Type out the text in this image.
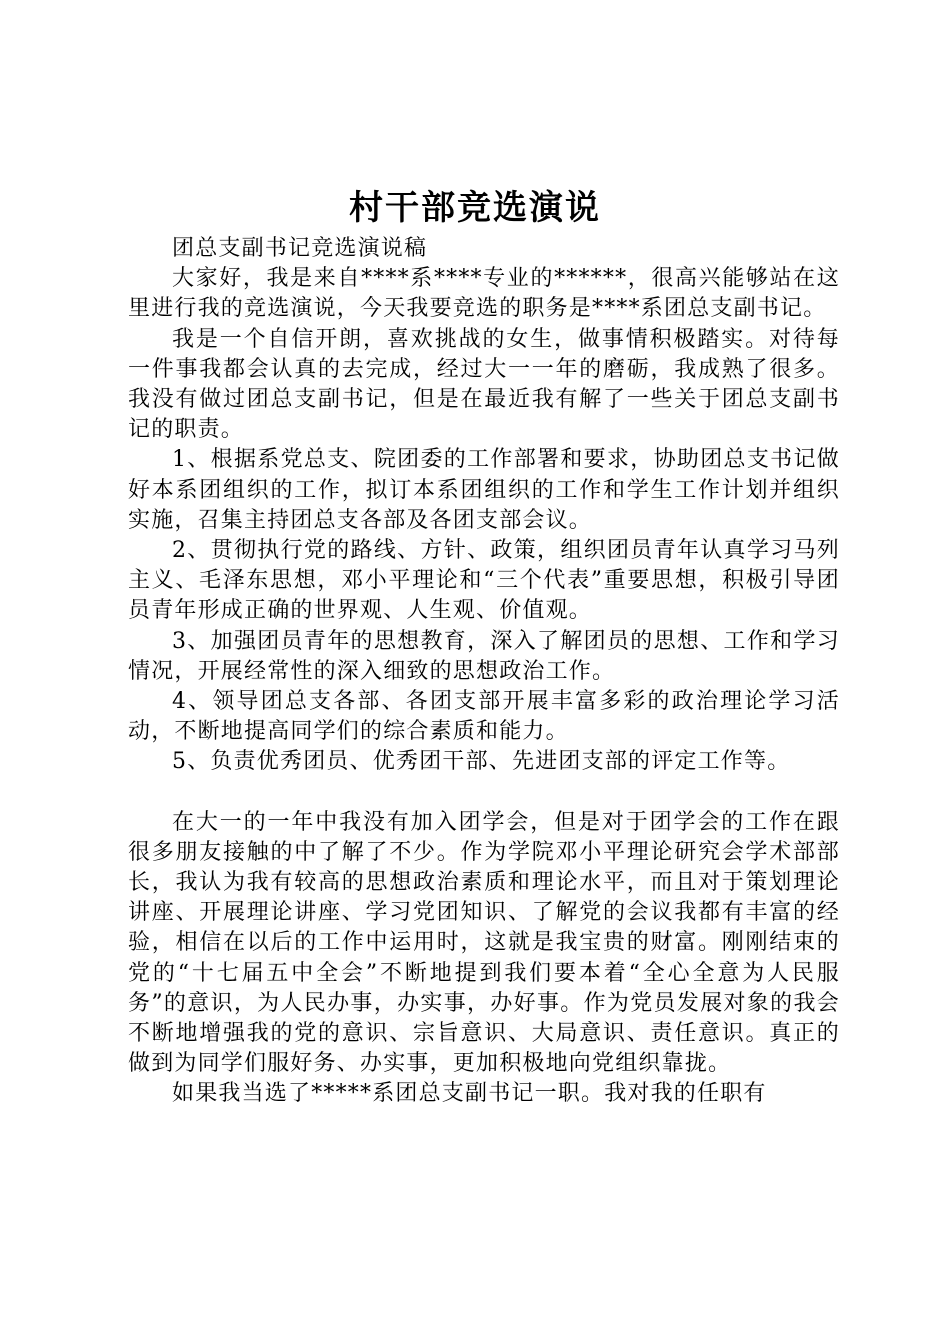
村干部竞选演说

团总支副书记竞选演说稿

大家好，我是来自****系****专业的******，很高兴能够站在这里进行我的竞选演说，今天我要竞选的职务是****系团总支副书记。

我是一个自信开朗，喜欢挑战的女生，做事情积极踏实。对待每一件事我都会认真的去完成，经过大一一年的磨砺，我成熟了很多。我没有做过团总支副书记，但是在最近我有解了一些关于团总支副书记的职责。

1、根据系党总支、院团委的工作部署和要求，协助团总支书记做好本系团组织的工作，拟订本系团组织的工作和学生工作计划并组织实施，召集主持团总支各部及各团支部会议。

2、贯彻执行党的路线、方针、政策，组织团员青年认真学习马列主义、毛泽东思想，邓小平理论和“三个代表”重要思想，积极引导团员青年形成正确的世界观、人生观、价值观。

3、加强团员青年的思想教育，深入了解团员的思想、工作和学习情况，开展经常性的深入细致的思想政治工作。

4、领导团总支各部、各团支部开展丰富多彩的政治理论学习活动，不断地提高同学们的综合素质和能力。

5、负责优秀团员、优秀团干部、先进团支部的评定工作等。

在大一的一年中我没有加入团学会，但是对于团学会的工作在跟很多朋友接触的中了解了不少。作为学院邓小平理论研究会学术部部长，我认为我有较高的思想政治素质和理论水平，而且对于策划理论讲座、开展理论讲座、学习党团知识、了解党的会议我都有丰富的经验，相信在以后的工作中运用时，这就是我宝贵的财富。刚刚结束的党的“十七届五中全会”不断地提到我们要本着“全心全意为人民服务”的意识，为人民办事，办实事，办好事。作为党员发展对象的我会不断地增强我的党的意识、宗旨意识、大局意识、责任意识。真正的做到为同学们服好务、办实事，更加积极地向党组织靠拢。

如果我当选了*****系团总支副书记一职。我对我的任职有
